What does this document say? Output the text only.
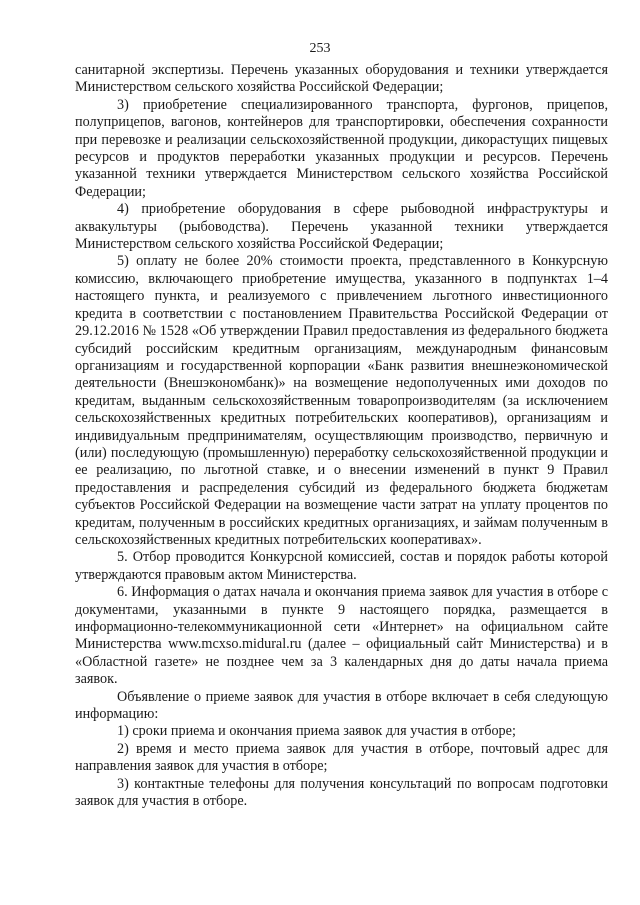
253

санитарной экспертизы. Перечень указанных оборудования и техники утверждается Министерством сельского хозяйства Российской Федерации;

3) приобретение специализированного транспорта, фургонов, прицепов, полуприцепов, вагонов, контейнеров для транспортировки, обеспечения сохранности при перевозке и реализации сельскохозяйственной продукции, дикорастущих пищевых ресурсов и продуктов переработки указанных продукции и ресурсов. Перечень указанной техники утверждается Министерством сельского хозяйства Российской Федерации;

4) приобретение оборудования в сфере рыбоводной инфраструктуры и аквакультуры (рыбоводства). Перечень указанной техники утверждается Министерством сельского хозяйства Российской Федерации;

5) оплату не более 20% стоимости проекта, представленного в Конкурсную комиссию, включающего приобретение имущества, указанного в подпунктах 1–4 настоящего пункта, и реализуемого с привлечением льготного инвестиционного кредита в соответствии с постановлением Правительства Российской Федерации от 29.12.2016 № 1528 «Об утверждении Правил предоставления из федерального бюджета субсидий российским кредитным организациям, международным финансовым организациям и государственной корпорации «Банк развития внешнеэкономической деятельности (Внешэкономбанк)» на возмещение недополученных ими доходов по кредитам, выданным сельскохозяйственным товаропроизводителям (за исключением сельскохозяйственных кредитных потребительских кооперативов), организациям и индивидуальным предпринимателям, осуществляющим производство, первичную и (или) последующую (промышленную) переработку сельскохозяйственной продукции и ее реализацию, по льготной ставке, и о внесении изменений в пункт 9 Правил предоставления и распределения субсидий из федерального бюджета бюджетам субъектов Российской Федерации на возмещение части затрат на уплату процентов по кредитам, полученным в российских кредитных организациях, и займам полученным в сельскохозяйственных кредитных потребительских кооперативах».

5. Отбор проводится Конкурсной комиссией, состав и порядок работы которой утверждаются правовым актом Министерства.

6. Информация о датах начала и окончания приема заявок для участия в отборе с документами, указанными в пункте 9 настоящего порядка, размещается в информационно-телекоммуникационной сети «Интернет» на официальном сайте Министерства www.mcxso.midural.ru (далее – официальный сайт Министерства) и в «Областной газете» не позднее чем за 3 календарных дня до даты начала приема заявок.

Объявление о приеме заявок для участия в отборе включает в себя следующую информацию:

1) сроки приема и окончания приема заявок для участия в отборе;

2) время и место приема заявок для участия в отборе, почтовый адрес для направления заявок для участия в отборе;

3) контактные телефоны для получения консультаций по вопросам подготовки заявок для участия в отборе.
